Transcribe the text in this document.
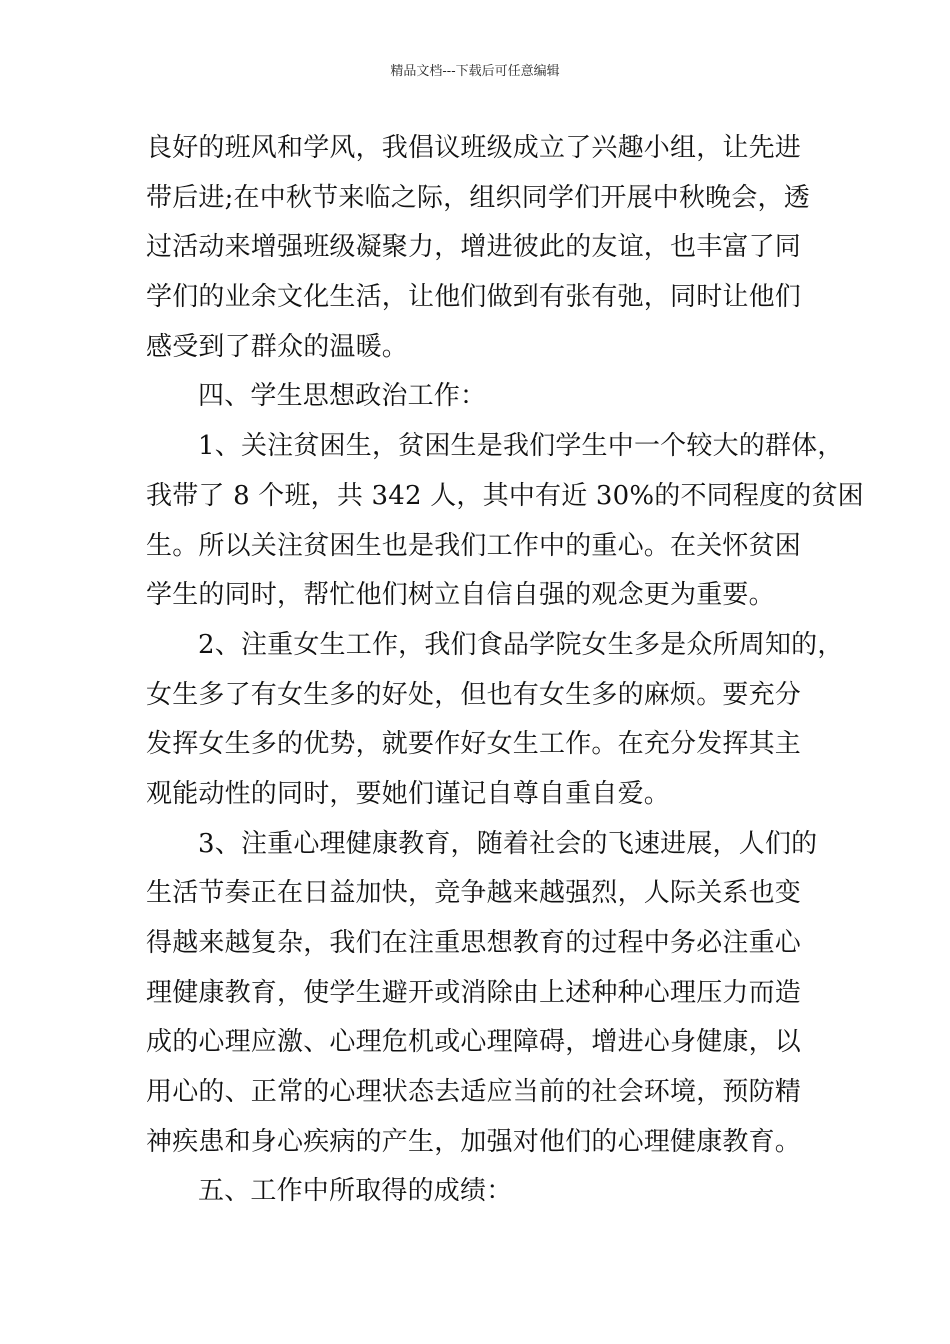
精品文档---下载后可任意编辑
良好的班风和学风，我倡议班级成立了兴趣小组，让先进
带后进;在中秋节来临之际，组织同学们开展中秋晚会，透
过活动来增强班级凝聚力，增进彼此的友谊，也丰富了同
学们的业余文化生活，让他们做到有张有弛，同时让他们
感受到了群众的温暖。
四、学生思想政治工作：
1、关注贫困生，贫困生是我们学生中一个较大的群体，
我带了 8 个班，共 342 人，其中有近 30%的不同程度的贫困
生。所以关注贫困生也是我们工作中的重心。在关怀贫困
学生的同时，帮忙他们树立自信自强的观念更为重要。
2、注重女生工作，我们食品学院女生多是众所周知的，
女生多了有女生多的好处，但也有女生多的麻烦。要充分
发挥女生多的优势，就要作好女生工作。在充分发挥其主
观能动性的同时，要她们谨记自尊自重自爱。
3、注重心理健康教育，随着社会的飞速进展，人们的
生活节奏正在日益加快，竞争越来越强烈，人际关系也变
得越来越复杂，我们在注重思想教育的过程中务必注重心
理健康教育，使学生避开或消除由上述种种心理压力而造
成的心理应激、心理危机或心理障碍，增进心身健康，以
用心的、正常的心理状态去适应当前的社会环境，预防精
神疾患和身心疾病的产生，加强对他们的心理健康教育。
五、工作中所取得的成绩：
